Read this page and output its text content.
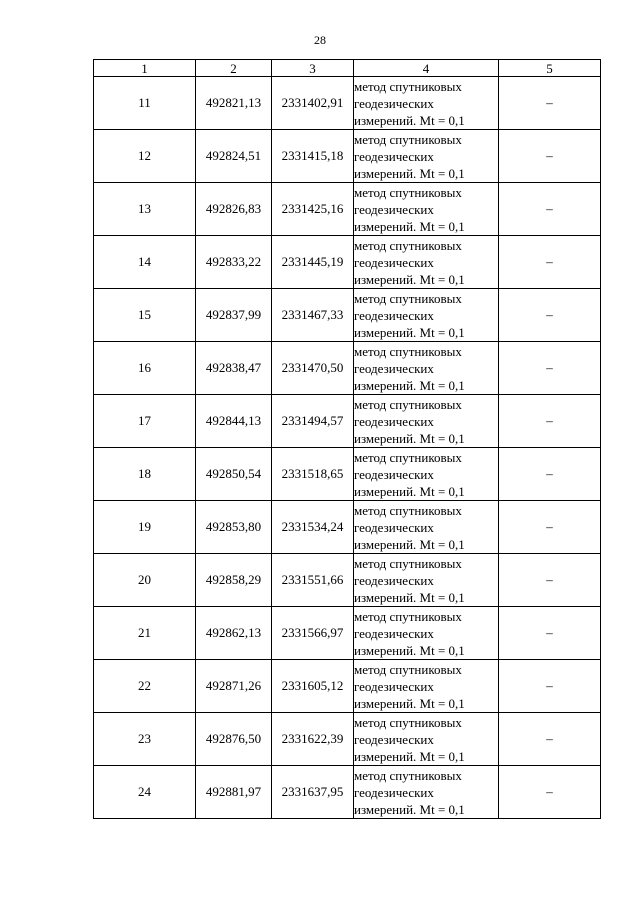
28
1	2	3	4	5
11	492821,13	2331402,91	метод спутниковых
геодезических
измерений. Mt = 0,1	–
12	492824,51	2331415,18	метод спутниковых
геодезических
измерений. Mt = 0,1	–
13	492826,83	2331425,16	метод спутниковых
геодезических
измерений. Mt = 0,1	–
14	492833,22	2331445,19	метод спутниковых
геодезических
измерений. Mt = 0,1	–
15	492837,99	2331467,33	метод спутниковых
геодезических
измерений. Mt = 0,1	–
16	492838,47	2331470,50	метод спутниковых
геодезических
измерений. Mt = 0,1	–
17	492844,13	2331494,57	метод спутниковых
геодезических
измерений. Mt = 0,1	–
18	492850,54	2331518,65	метод спутниковых
геодезических
измерений. Mt = 0,1	–
19	492853,80	2331534,24	метод спутниковых
геодезических
измерений. Mt = 0,1	–
20	492858,29	2331551,66	метод спутниковых
геодезических
измерений. Mt = 0,1	–
21	492862,13	2331566,97	метод спутниковых
геодезических
измерений. Mt = 0,1	–
22	492871,26	2331605,12	метод спутниковых
геодезических
измерений. Mt = 0,1	–
23	492876,50	2331622,39	метод спутниковых
геодезических
измерений. Mt = 0,1	–
24	492881,97	2331637,95	метод спутниковых
геодезических
измерений. Mt = 0,1	–
